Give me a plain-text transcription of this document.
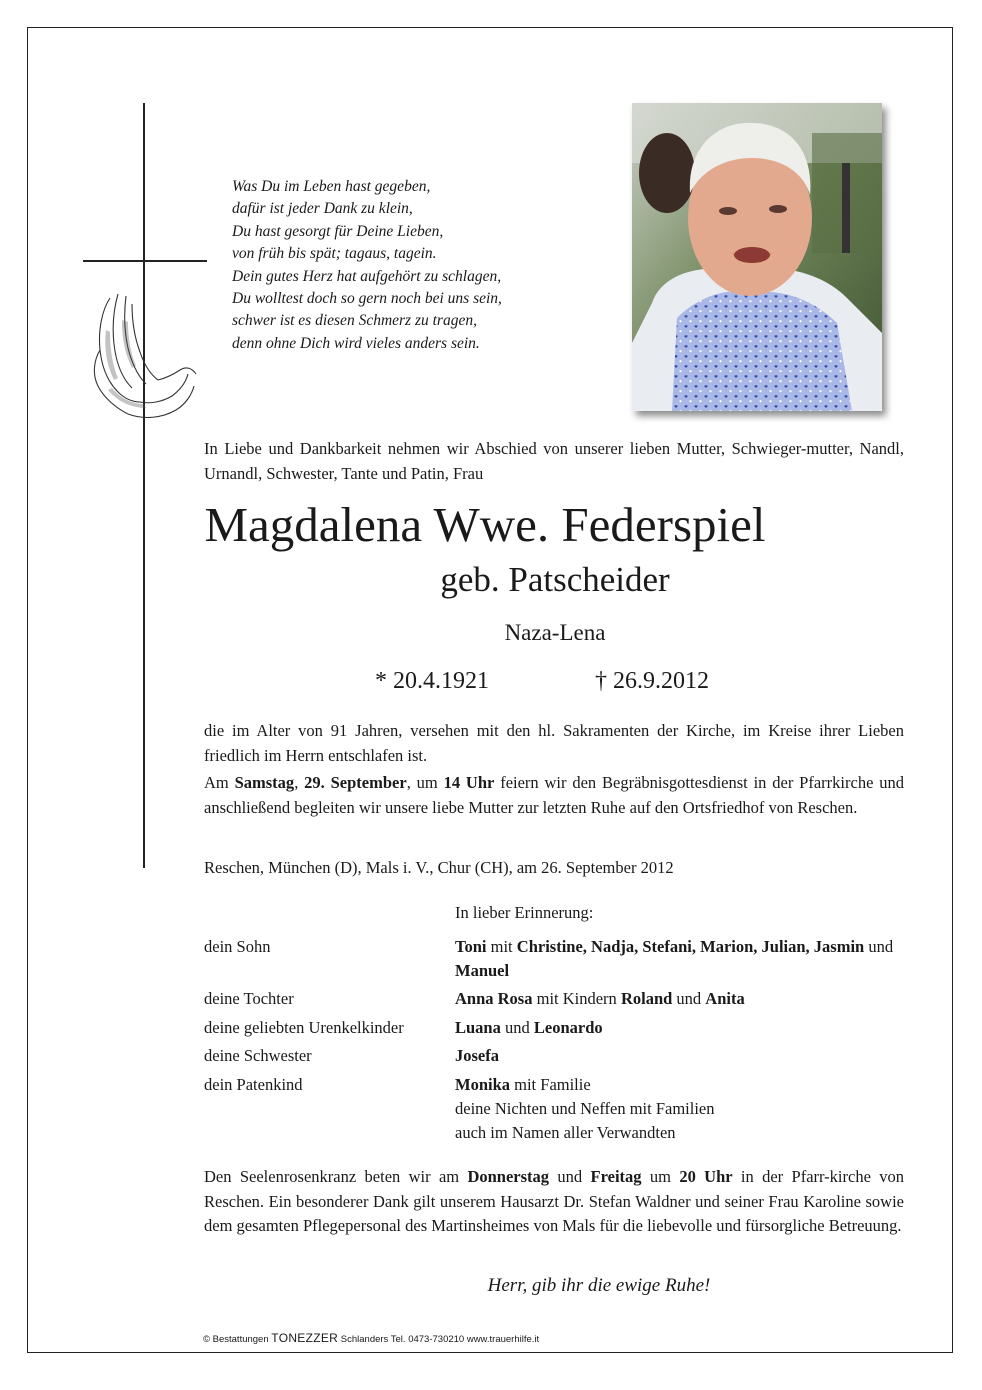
Was Du im Leben hast gegeben,
dafür ist jeder Dank zu klein,
Du hast gesorgt für Deine Lieben,
von früh bis spät; tagaus, tagein.
Dein gutes Herz hat aufgehört zu schlagen,
Du wolltest doch so gern noch bei uns sein,
schwer ist es diesen Schmerz zu tragen,
denn ohne Dich wird vieles anders sein.
In Liebe und Dankbarkeit nehmen wir Abschied von unserer lieben Mutter, Schwieger-mutter, Nandl, Urnandl, Schwester, Tante und Patin, Frau
Magdalena Wwe. Federspiel
geb. Patscheider
Naza-Lena
* 20.4.1921	† 26.9.2012
die im Alter von 91 Jahren, versehen mit den hl. Sakramenten der Kirche, im Kreise ihrer Lieben friedlich im Herrn entschlafen ist.
Am Samstag, 29. September, um 14 Uhr feiern wir den Begräbnisgottesdienst in der Pfarrkirche und anschließend begleiten wir unsere liebe Mutter zur letzten Ruhe auf den Ortsfriedhof von Reschen.
Reschen, München (D), Mals i. V., Chur (CH), am 26. September 2012
In lieber Erinnerung:
dein Sohn	Toni mit Christine, Nadja, Stefani, Marion, Julian, Jasmin und Manuel
deine Tochter	Anna Rosa mit Kindern Roland und Anita
deine geliebten Urenkelkinder	Luana und Leonardo
deine Schwester	Josefa
dein Patenkind	Monika mit Familie
deine Nichten und Neffen mit Familien
auch im Namen aller Verwandten
Den Seelenrosenkranz beten wir am Donnerstag und Freitag um 20 Uhr in der Pfarr-kirche von Reschen. Ein besonderer Dank gilt unserem Hausarzt Dr. Stefan Waldner und seiner Frau Karoline sowie dem gesamten Pflegepersonal des Martinsheimes von Mals für die liebevolle und fürsorgliche Betreuung.
Herr, gib ihr die ewige Ruhe!
© Bestattungen TONEZZER Schlanders Tel. 0473-730210 www.trauerhilfe.it
